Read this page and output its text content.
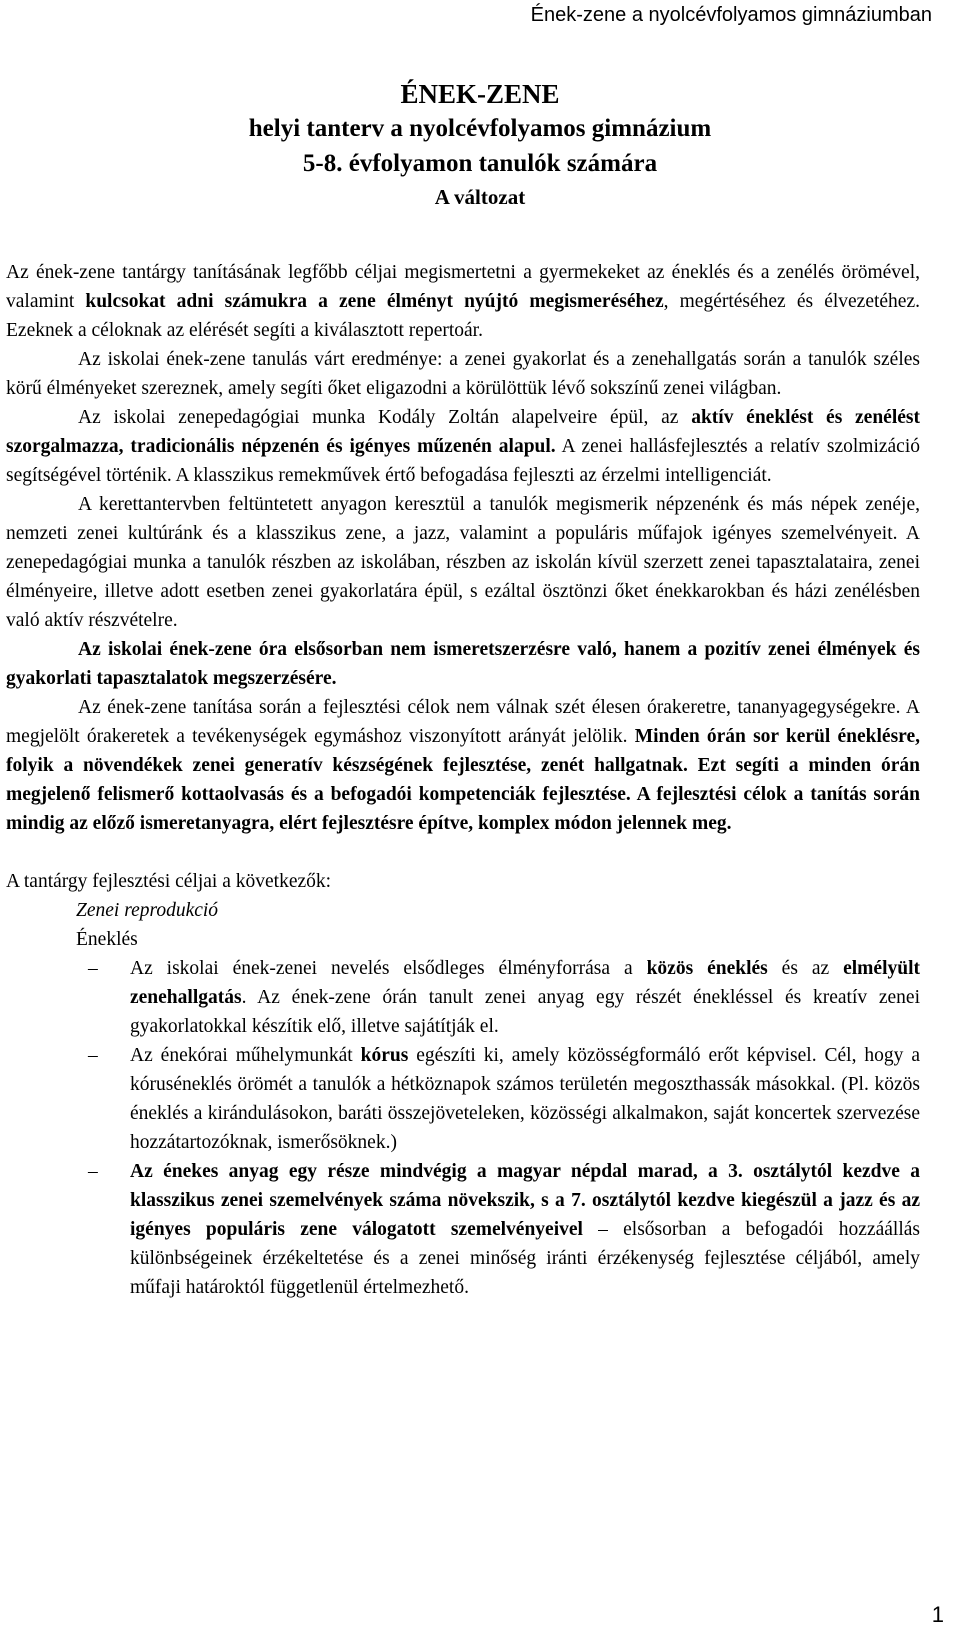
Ének-zene a nyolcévfolyamos gimnáziumban
ÉNEK-ZENE
helyi tanterv a nyolcévfolyamos gimnázium
5-8. évfolyamon tanulók számára
A változat

Az ének-zene tantárgy tanításának legfőbb céljai megismertetni a gyermekeket az éneklés és a zenélés örömével, valamint kulcsokat adni számukra a zene élményt nyújtó megismeréséhez, megértéséhez és élvezetéhez. Ezeknek a céloknak az elérését segíti a kiválasztott repertoár.

Az iskolai ének-zene tanulás várt eredménye: a zenei gyakorlat és a zenehallgatás során a tanulók széles körű élményeket szereznek, amely segíti őket eligazodni a körülöttük lévő sokszínű zenei világban.

Az iskolai zenepedagógiai munka Kodály Zoltán alapelveire épül, az aktív éneklést és zenélést szorgalmazza, tradicionális népzenén és igényes műzenén alapul. A zenei hallásfejlesztés a relatív szolmizáció segítségével történik. A klasszikus remekművek értő befogadása fejleszti az érzelmi intelligenciát.

A kerettantervben feltüntetett anyagon keresztül a tanulók megismerik népzenénk és más népek zenéje, nemzeti zenei kultúránk és a klasszikus zene, a jazz, valamint a populáris műfajok igényes szemelvényeit. A zenepedagógiai munka a tanulók részben az iskolában, részben az iskolán kívül szerzett zenei tapasztalataira, zenei élményeire, illetve adott esetben zenei gyakorlatára épül, s ezáltal ösztönzi őket énekkarokban és házi zenélésben való aktív részvételre.

Az iskolai ének-zene óra elsősorban nem ismeretszerzésre való, hanem a pozitív zenei élmények és gyakorlati tapasztalatok megszerzésére.

Az ének-zene tanítása során a fejlesztési célok nem válnak szét élesen órakeretre, tananyagegységekre. A megjelölt órakeretek a tevékenységek egymáshoz viszonyított arányát jelölik. Minden órán sor kerül éneklésre, folyik a növendékek zenei generatív készségének fejlesztése, zenét hallgatnak. Ezt segíti a minden órán megjelenő felismerő kottaolvasás és a befogadói kompetenciák fejlesztése. A fejlesztési célok a tanítás során mindig az előző ismeretanyagra, elért fejlesztésre építve, komplex módon jelennek meg.

A tantárgy fejlesztési céljai a következők:

Zenei reprodukció

Éneklés

–	Az iskolai ének-zenei nevelés elsődleges élményforrása a közös éneklés és az elmélyült zenehallgatás. Az ének-zene órán tanult zenei anyag egy részét énekléssel és kreatív zenei gyakorlatokkal készítik elő, illetve sajátítják el.
–	Az énekórai műhelymunkát kórus egészíti ki, amely közösségformáló erőt képvisel. Cél, hogy a kóruséneklés örömét a tanulók a hétköznapok számos területén megoszthassák másokkal. (Pl. közös éneklés a kirándulásokon, baráti összejöveteleken, közösségi alkalmakon, saját koncertek szervezése hozzátartozóknak, ismerősöknek.)
–	Az énekes anyag egy része mindvégig a magyar népdal marad, a 3. osztálytól kezdve a klasszikus zenei szemelvények száma növekszik, s a 7. osztálytól kezdve kiegészül a jazz és az igényes populáris zene válogatott szemelvényeivel – elsősorban a befogadói hozzáállás különbségeinek érzékeltetése és a zenei minőség iránti érzékenység fejlesztése céljából, amely műfaji határoktól függetlenül értelmezhető.
1
